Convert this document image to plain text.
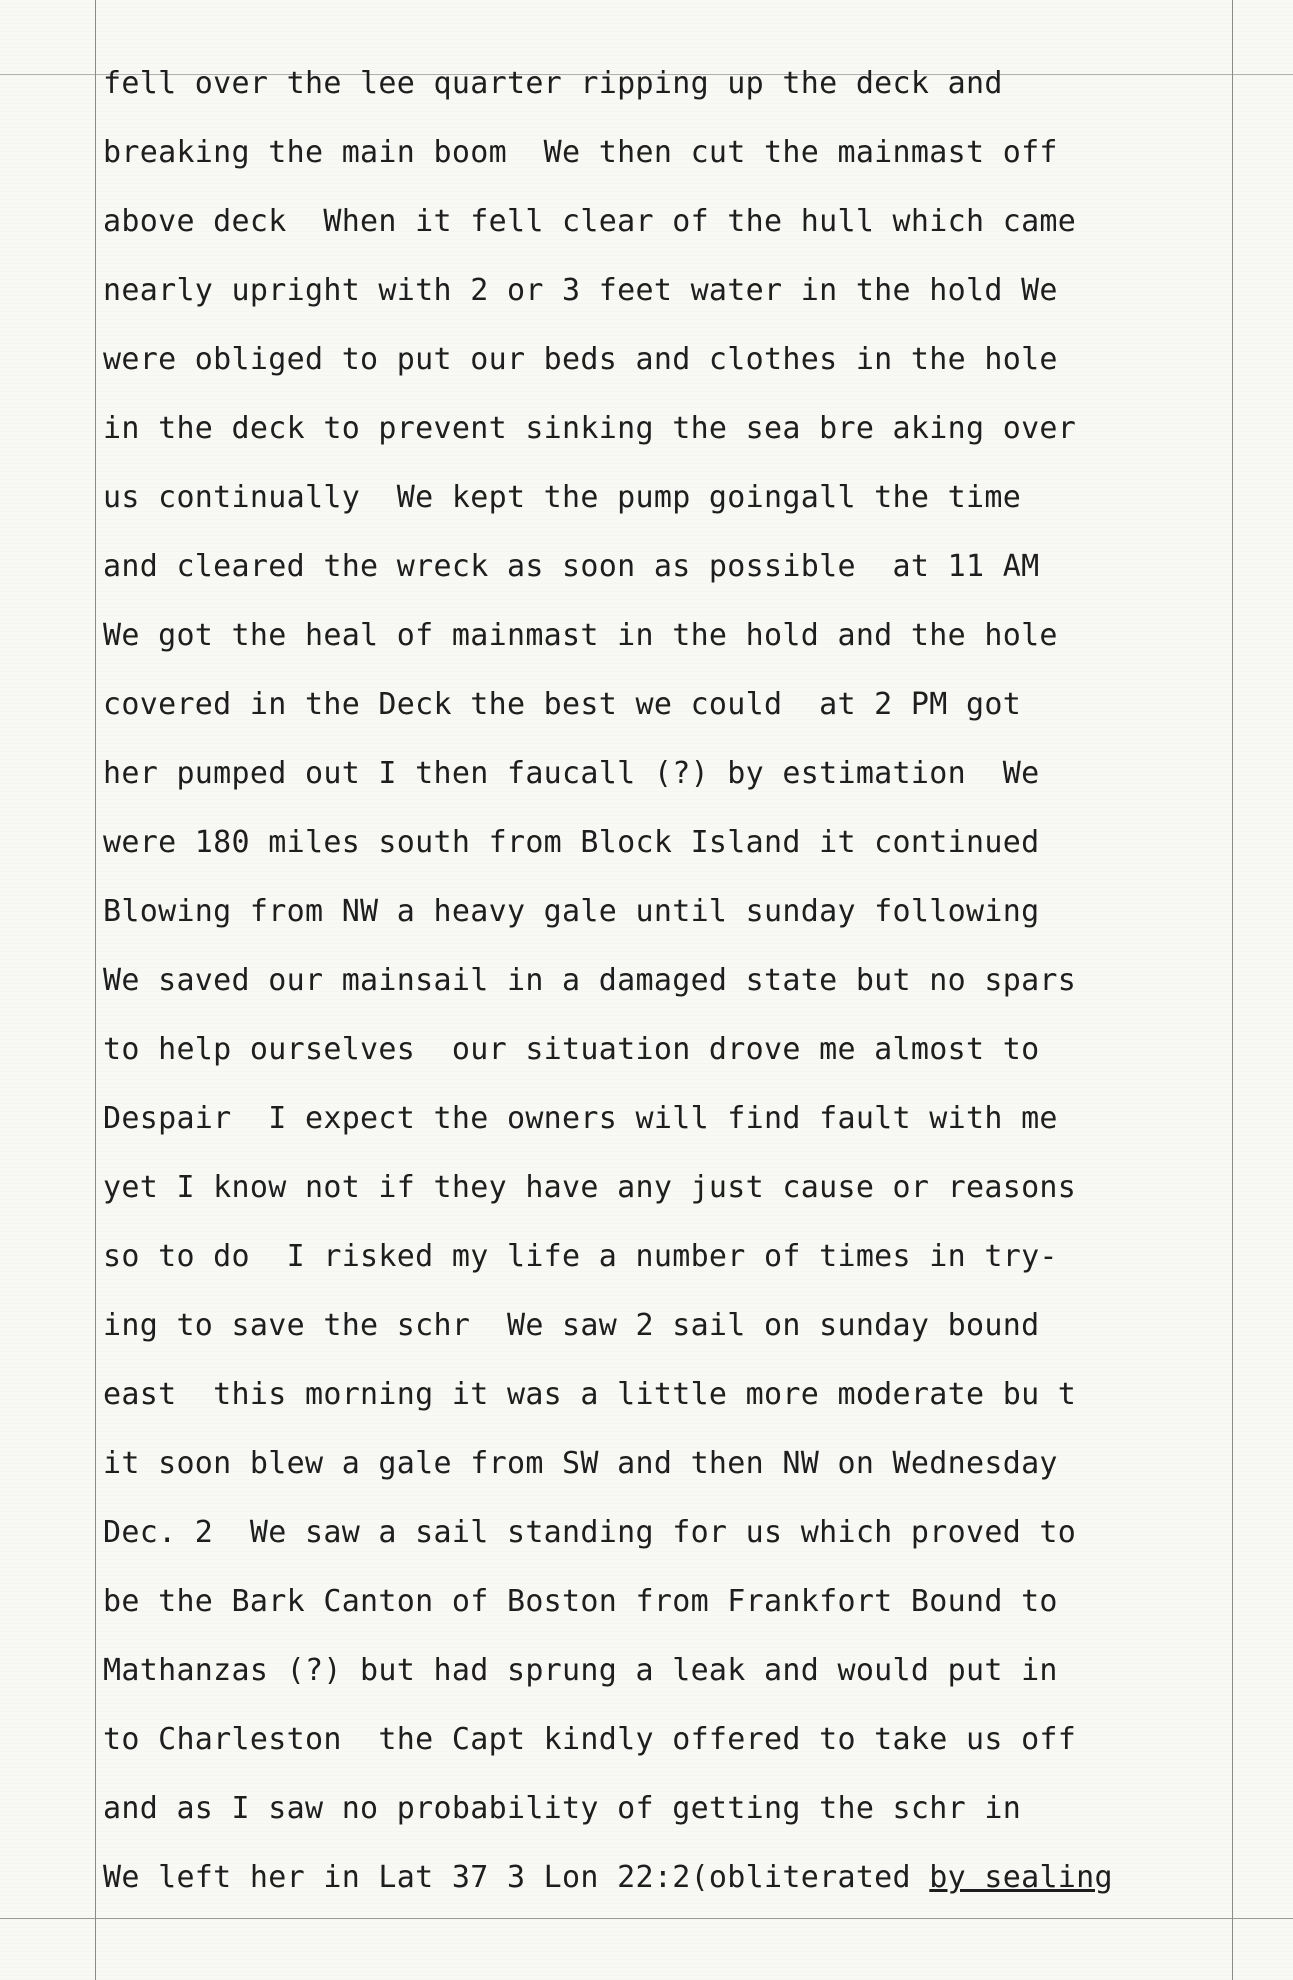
fell over the lee quarter ripping up the deck and
breaking the main boom  We then cut the mainmast off
above deck  When it fell clear of the hull which came
nearly upright with 2 or 3 feet water in the hold We
were obliged to put our beds and clothes in the hole
in the deck to prevent sinking the sea bre aking over
us continually  We kept the pump goingall the time
and cleared the wreck as soon as possible  at 11 AM
We got the heal of mainmast in the hold and the hole
covered in the Deck the best we could  at 2 PM got
her pumped out I then faucall (?) by estimation  We
were 180 miles south from Block Island it continued
Blowing from NW a heavy gale until sunday following
We saved our mainsail in a damaged state but no spars
to help ourselves  our situation drove me almost to
Despair  I expect the owners will find fault with me
yet I know not if they have any just cause or reasons
so to do  I risked my life a number of times in try-
ing to save the schr  We saw 2 sail on sunday bound
east  this morning it was a little more moderate bu t
it soon blew a gale from SW and then NW on Wednesday
Dec. 2  We saw a sail standing for us which proved to
be the Bark Canton of Boston from Frankfort Bound to
Mathanzas (?) but had sprung a leak and would put in
to Charleston  the Capt kindly offered to take us off
and as I saw no probability of getting the schr in
We left her in Lat 37 3 Lon 22:2(obliterated by sealing
